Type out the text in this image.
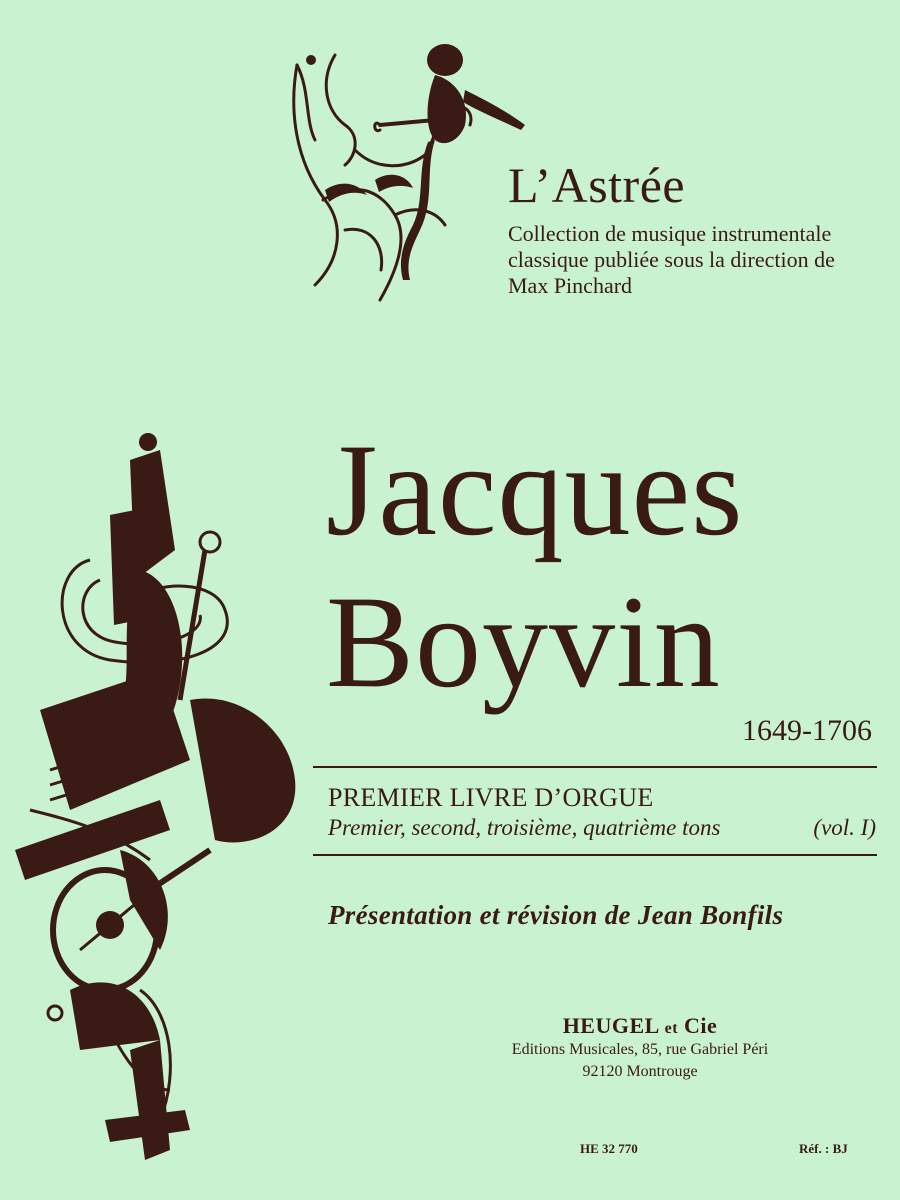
L’Astrée
Collection de musique instrumentale
classique publiée sous la direction de
Max Pinchard
Jacques
Boyvin
1649-1706
PREMIER LIVRE D’ORGUE
Premier, second, troisième, quatrième tons	(vol. I)
Présentation et révision de Jean Bonfils
HEUGEL et Cie
Editions Musicales, 85, rue Gabriel Péri
92120 Montrouge
HE 32 770	Réf. : BJ
